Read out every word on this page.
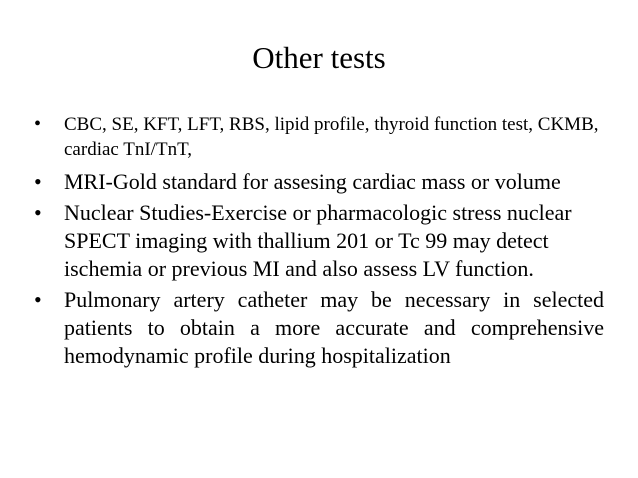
Other tests
• CBC, SE, KFT, LFT, RBS, lipid profile, thyroid function test, CKMB, cardiac TnI/TnT,
• MRI-Gold standard for assesing cardiac mass or volume
• Nuclear Studies-Exercise or pharmacologic stress nuclear SPECT imaging with thallium 201 or Tc 99 may detect ischemia or previous MI and also assess LV function.
• Pulmonary artery catheter may be necessary in selected patients to obtain a more accurate and comprehensive hemodynamic profile during hospitalization
